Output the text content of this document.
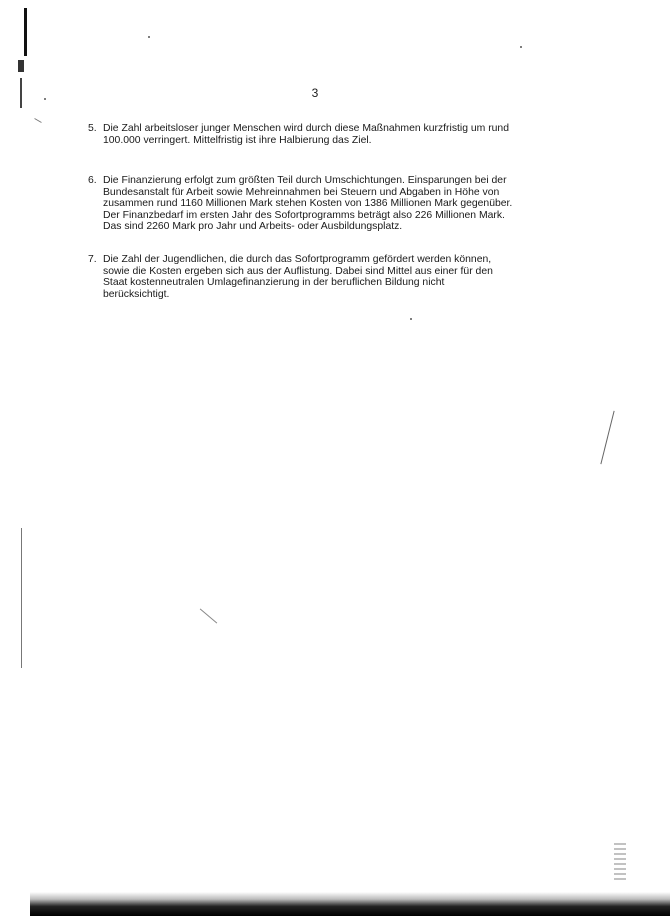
3
5. Die Zahl arbeitsloser junger Menschen wird durch diese Maßnahmen kurzfristig um rund
100.000 verringert. Mittelfristig ist ihre Halbierung das Ziel.
6. Die Finanzierung erfolgt zum größten Teil durch Umschichtungen. Einsparungen bei der
Bundesanstalt für Arbeit sowie Mehreinnahmen bei Steuern und Abgaben in Höhe von
zusammen rund 1160 Millionen Mark stehen Kosten von 1386 Millionen Mark gegenüber.
Der Finanzbedarf im ersten Jahr des Sofortprogramms beträgt also 226 Millionen Mark.
Das sind 2260 Mark pro Jahr und Arbeits- oder Ausbildungsplatz.
7. Die Zahl der Jugendlichen, die durch das Sofortprogramm gefördert werden können,
sowie die Kosten ergeben sich aus der Auflistung. Dabei sind Mittel aus einer für den
Staat kostenneutralen Umlagefinanzierung in der beruflichen Bildung nicht
berücksichtigt.
